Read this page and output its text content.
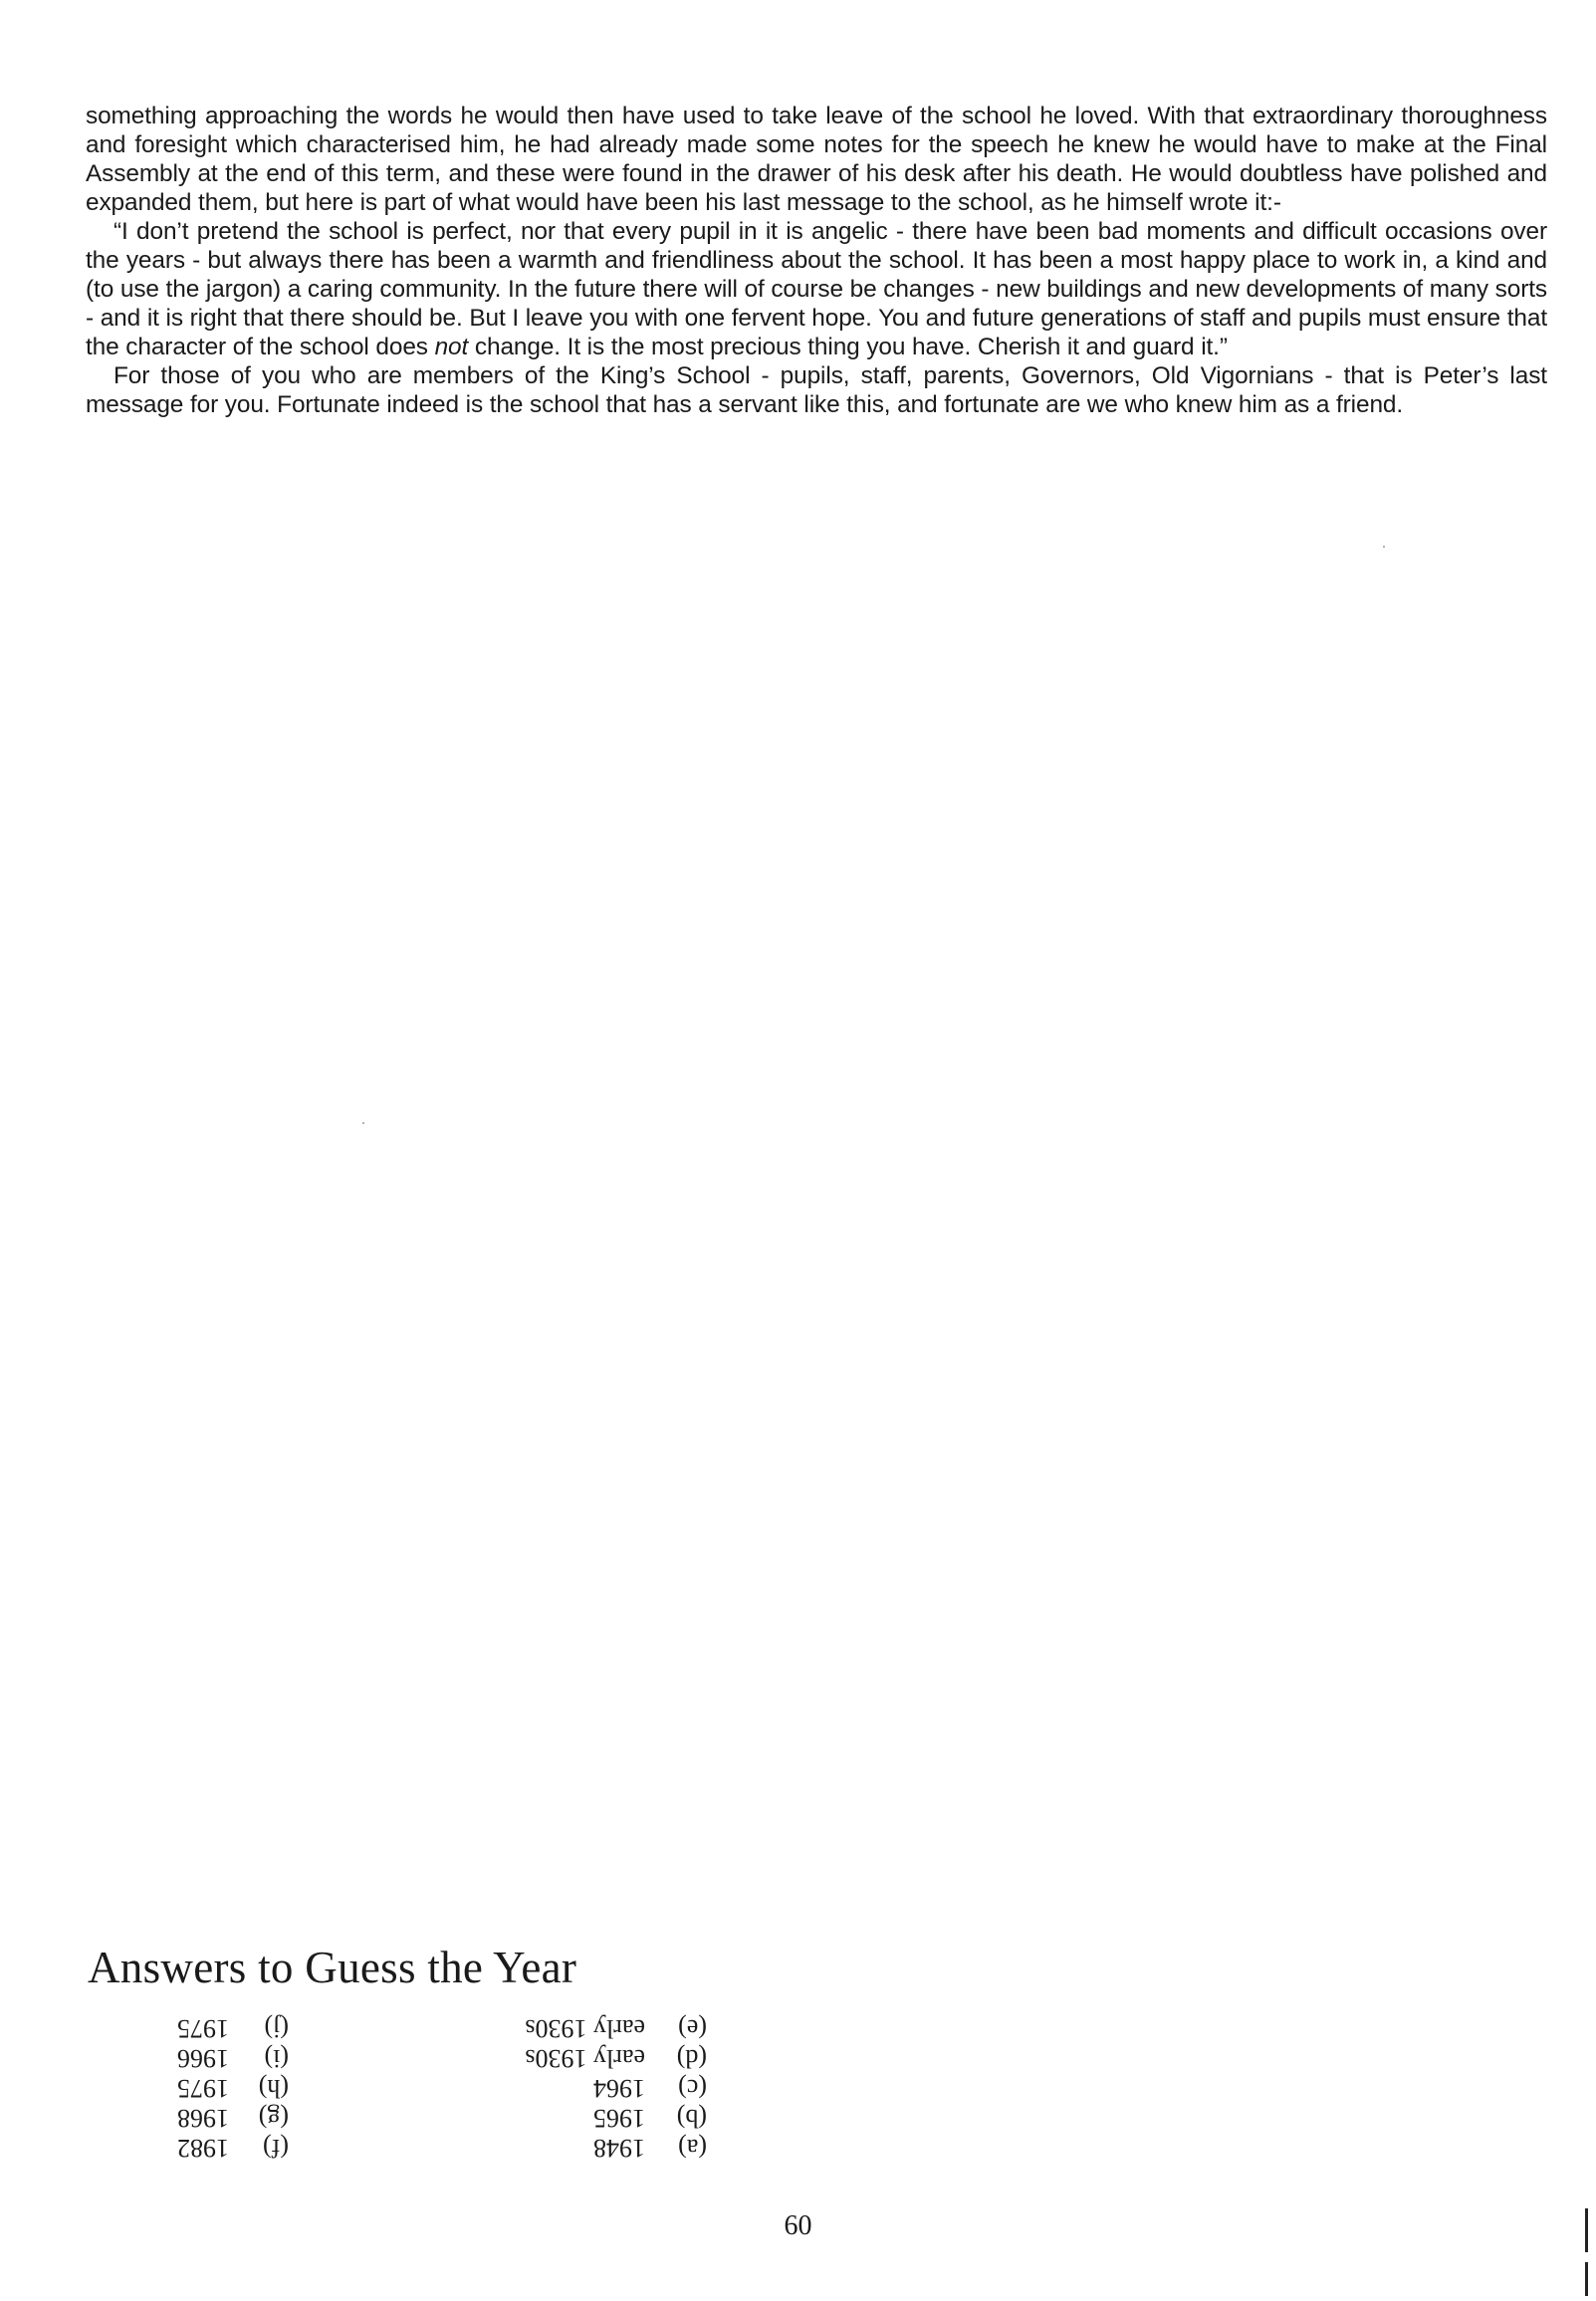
something approaching the words he would then have used to take leave of the school he loved. With that extraordinary thoroughness and foresight which characterised him, he had already made some notes for the speech he knew he would have to make at the Final Assembly at the end of this term, and these were found in the drawer of his desk after his death. He would doubtless have polished and expanded them, but here is part of what would have been his last message to the school, as he himself wrote it:-

“I don’t pretend the school is perfect, nor that every pupil in it is angelic - there have been bad moments and difficult occasions over the years - but always there has been a warmth and friendliness about the school. It has been a most happy place to work in, a kind and (to use the jargon) a caring community. In the future there will of course be changes - new buildings and new developments of many sorts - and it is right that there should be. But I leave you with one fervent hope. You and future generations of staff and pupils must ensure that the character of the school does not change. It is the most precious thing you have. Cherish it and guard it.”

For those of you who are members of the King’s School - pupils, staff, parents, Governors, Old Vigornians - that is Peter’s last message for you. Fortunate indeed is the school that has a servant like this, and fortunate are we who knew him as a friend.

Answers to Guess the Year
(j)1975
(i)1966
(h)1975
(g)1968
(f)1982
(e)early 1930s
(d)early 1930s
(c)1964
(b)1965
(a)1948
60
